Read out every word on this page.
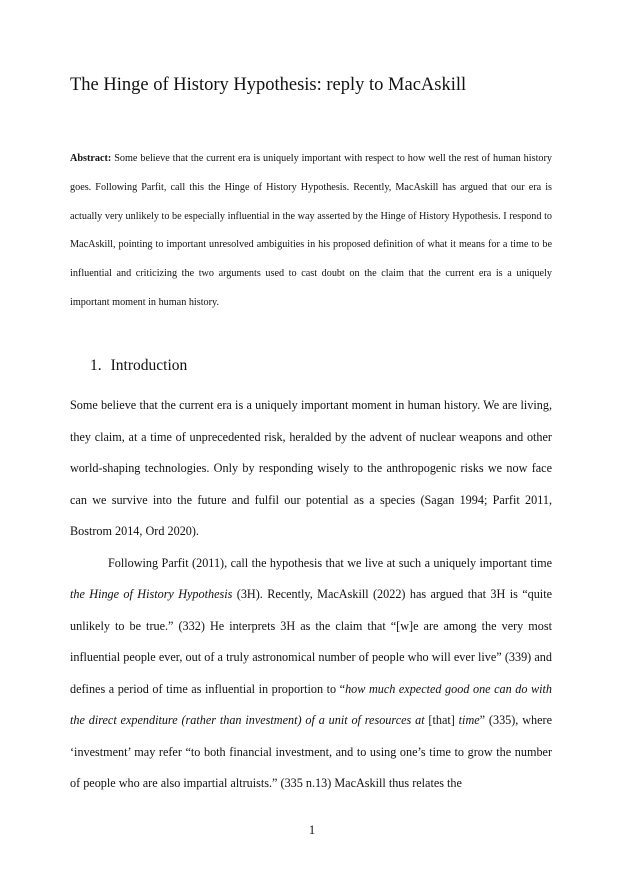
The Hinge of History Hypothesis: reply to MacAskill
Abstract: Some believe that the current era is uniquely important with respect to how well the rest of human history goes. Following Parfit, call this the Hinge of History Hypothesis. Recently, MacAskill has argued that our era is actually very unlikely to be especially influential in the way asserted by the Hinge of History Hypothesis. I respond to MacAskill, pointing to important unresolved ambiguities in his proposed definition of what it means for a time to be influential and criticizing the two arguments used to cast doubt on the claim that the current era is a uniquely important moment in human history.
1. Introduction

Some believe that the current era is a uniquely important moment in human history. We are living, they claim, at a time of unprecedented risk, heralded by the advent of nuclear weapons and other world-shaping technologies. Only by responding wisely to the anthropogenic risks we now face can we survive into the future and fulfil our potential as a species (Sagan 1994; Parfit 2011, Bostrom 2014, Ord 2020).

Following Parfit (2011), call the hypothesis that we live at such a uniquely important time the Hinge of History Hypothesis (3H). Recently, MacAskill (2022) has argued that 3H is “quite unlikely to be true.” (332) He interprets 3H as the claim that “[w]e are among the very most influential people ever, out of a truly astronomical number of people who will ever live” (339) and defines a period of time as influential in proportion to “how much expected good one can do with the direct expenditure (rather than investment) of a unit of resources at [that] time” (335), where ‘investment’ may refer “to both financial investment, and to using one’s time to grow the number of people who are also impartial altruists.” (335 n.13) MacAskill thus relates the

1
